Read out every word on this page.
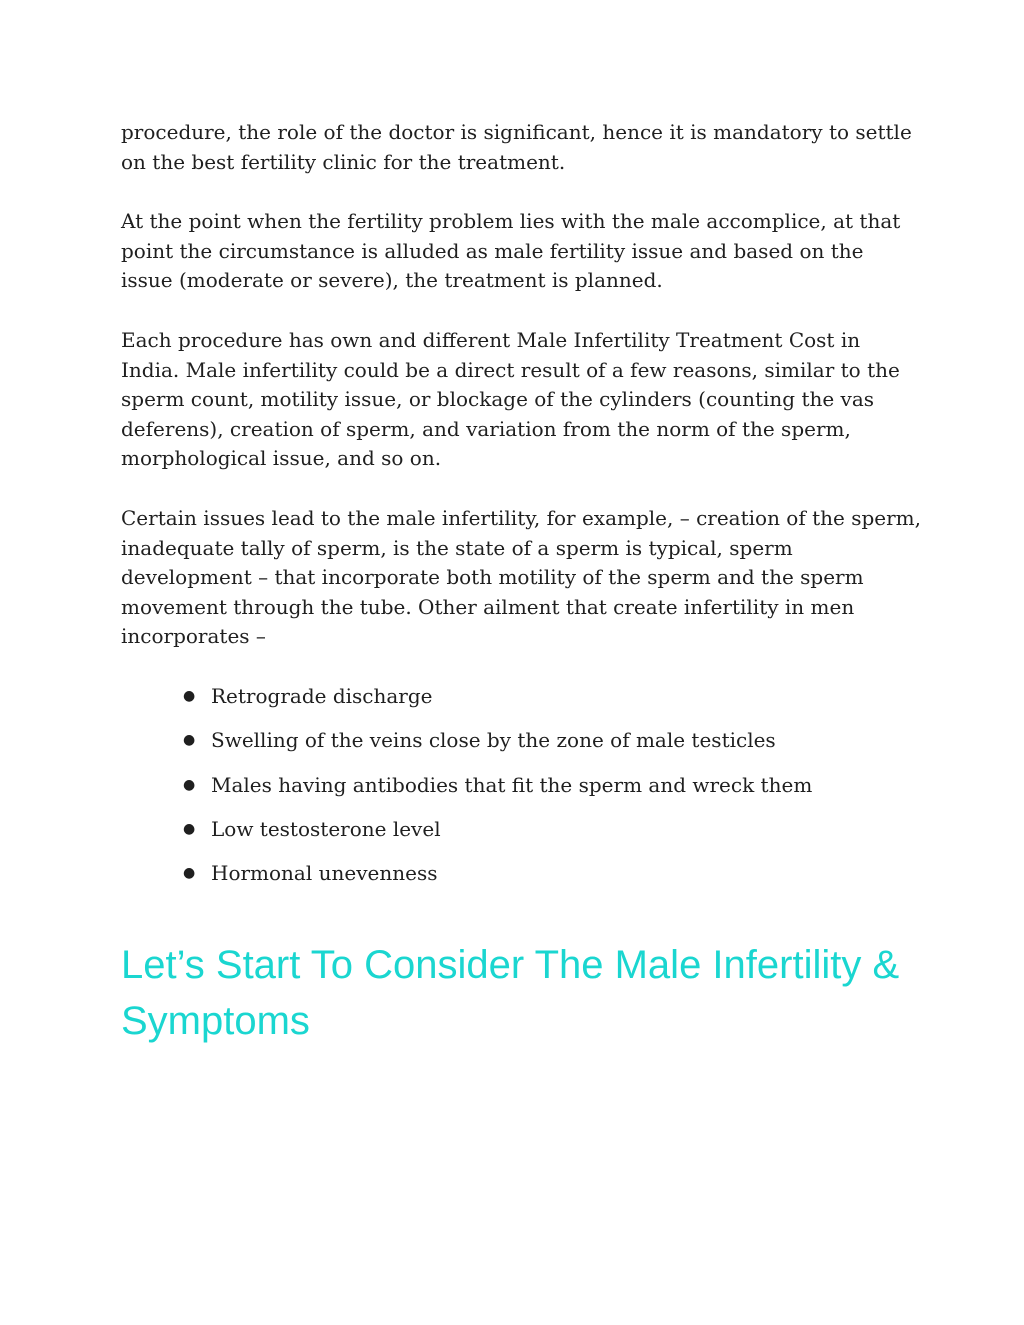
procedure, the role of the doctor is significant, hence it is mandatory to settle on the best fertility clinic for the treatment.

At the point when the fertility problem lies with the male accomplice, at that point the circumstance is alluded as male fertility issue and based on the issue (moderate or severe), the treatment is planned.

Each procedure has own and different Male Infertility Treatment Cost in India. Male infertility could be a direct result of a few reasons, similar to the sperm count, motility issue, or blockage of the cylinders (counting the vas deferens), creation of sperm, and variation from the norm of the sperm, morphological issue, and so on.

Certain issues lead to the male infertility, for example, – creation of the sperm, inadequate tally of sperm, is the state of a sperm is typical, sperm development – that incorporate both motility of the sperm and the sperm movement through the tube. Other ailment that create infertility in men incorporates –

● Retrograde discharge
● Swelling of the veins close by the zone of male testicles
● Males having antibodies that fit the sperm and wreck them
● Low testosterone level
● Hormonal unevenness
Let’s Start To Consider The Male Infertility & Symptoms
